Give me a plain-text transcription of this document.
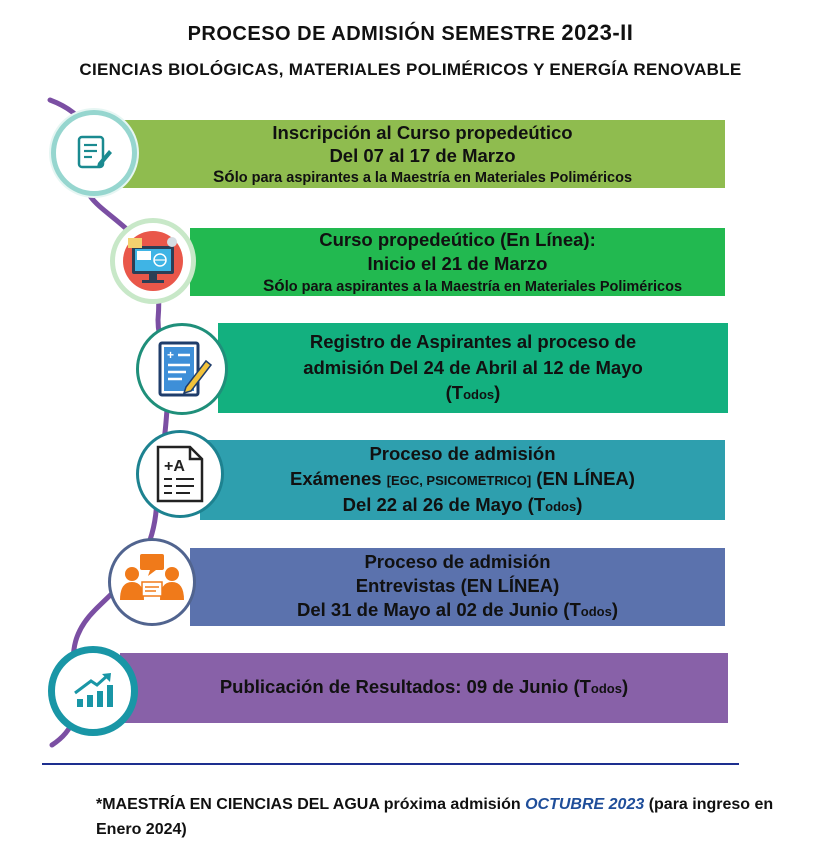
PROCESO DE ADMISIÓN SEMESTRE 2023-II
CIENCIAS BIOLÓGICAS, MATERIALES POLIMÉRICOS Y ENERGÍA RENOVABLE
Inscripción al Curso propedeútico
Del 07 al 17 de Marzo
Sólo para aspirantes a la Maestría en Materiales Poliméricos
Curso propedeútico (En Línea):
Inicio el 21 de Marzo
Sólo para aspirantes a la Maestría en Materiales Poliméricos
Registro de Aspirantes al proceso de
admisión Del 24 de Abril al 12 de Mayo
(Todos)
+
Proceso de admisión
Exámenes [EGC, PSICOMETRICO] (EN LÍNEA)
Del 22 al 26 de Mayo (Todos)
+A
Proceso de admisión
Entrevistas (EN LÍNEA)
Del 31 de Mayo al 02 de Junio (Todos)
Publicación de Resultados: 09 de Junio (Todos)
*MAESTRÍA EN CIENCIAS DEL AGUA próxima admisión OCTUBRE 2023 (para ingreso en Enero 2024)
